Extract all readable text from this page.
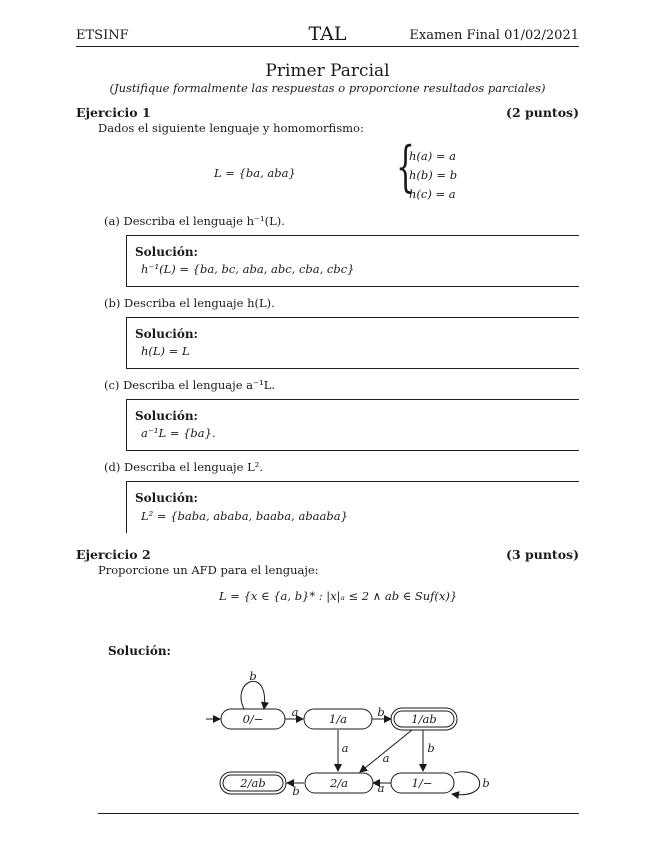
ETSINF	TAL	Examen Final 01/02/2021
Primer Parcial
(Justifique formalmente las respuestas o proporcione resultados parciales)
Ejercicio 1	(2 puntos)
Dados el siguiente lenguaje y homomorfismo:
L = {ba, aba} {
h(a) = a
h(b) = b
h(c) = a
(a) Describa el lenguaje h⁻¹(L).
Solución:
h⁻¹(L) = {ba, bc, aba, abc, cba, cbc}
(b) Describa el lenguaje h(L).
Solución:
h(L) = L
(c) Describa el lenguaje a⁻¹L.
Solución:
a⁻¹L = {ba}.
(d) Describa el lenguaje L².
Solución:
L² = {baba, ababa, baaba, abaaba}
Ejercicio 2	(3 puntos)
Proporcione un AFD para el lenguaje:
L = {x ∈ {a, b}* : |x|ₐ ≤ 2 ∧ ab ∈ Suf(x)}
Solución:
0/−	1/a	1/ab
2/ab	2/a	1/−
b
a	b
a
a
b
b
a
b
